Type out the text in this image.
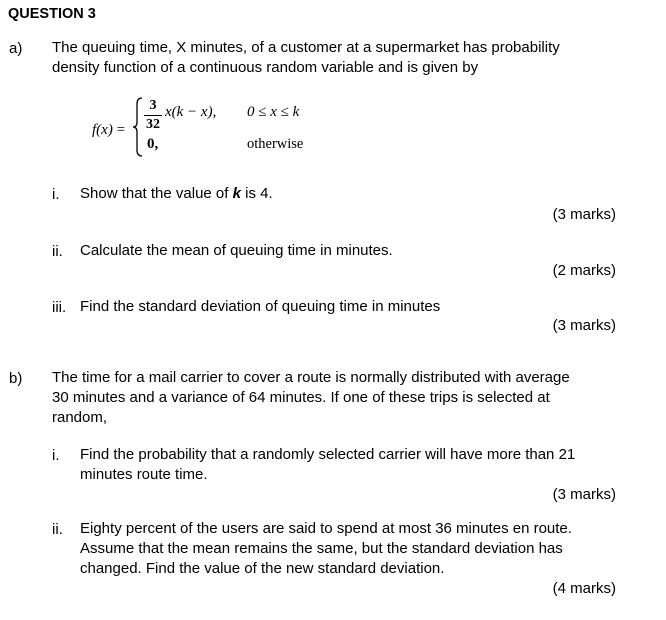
QUESTION 3
a) The queuing time, X minutes, of a customer at a supermarket has probability
density function of a continuous random variable and is given by
f(x) =
3
32
x(k − x), 0 ≤ x ≤ k
0,	otherwise
i. Show that the value of k is 4.
(3 marks)
ii. Calculate the mean of queuing time in minutes.
(2 marks)
iii. Find the standard deviation of queuing time in minutes
(3 marks)
b) The time for a mail carrier to cover a route is normally distributed with average
30 minutes and a variance of 64 minutes. If one of these trips is selected at
random,
i. Find the probability that a randomly selected carrier will have more than 21
minutes route time.
(3 marks)
ii. Eighty percent of the users are said to spend at most 36 minutes en route.
Assume that the mean remains the same, but the standard deviation has
changed. Find the value of the new standard deviation.
(4 marks)
